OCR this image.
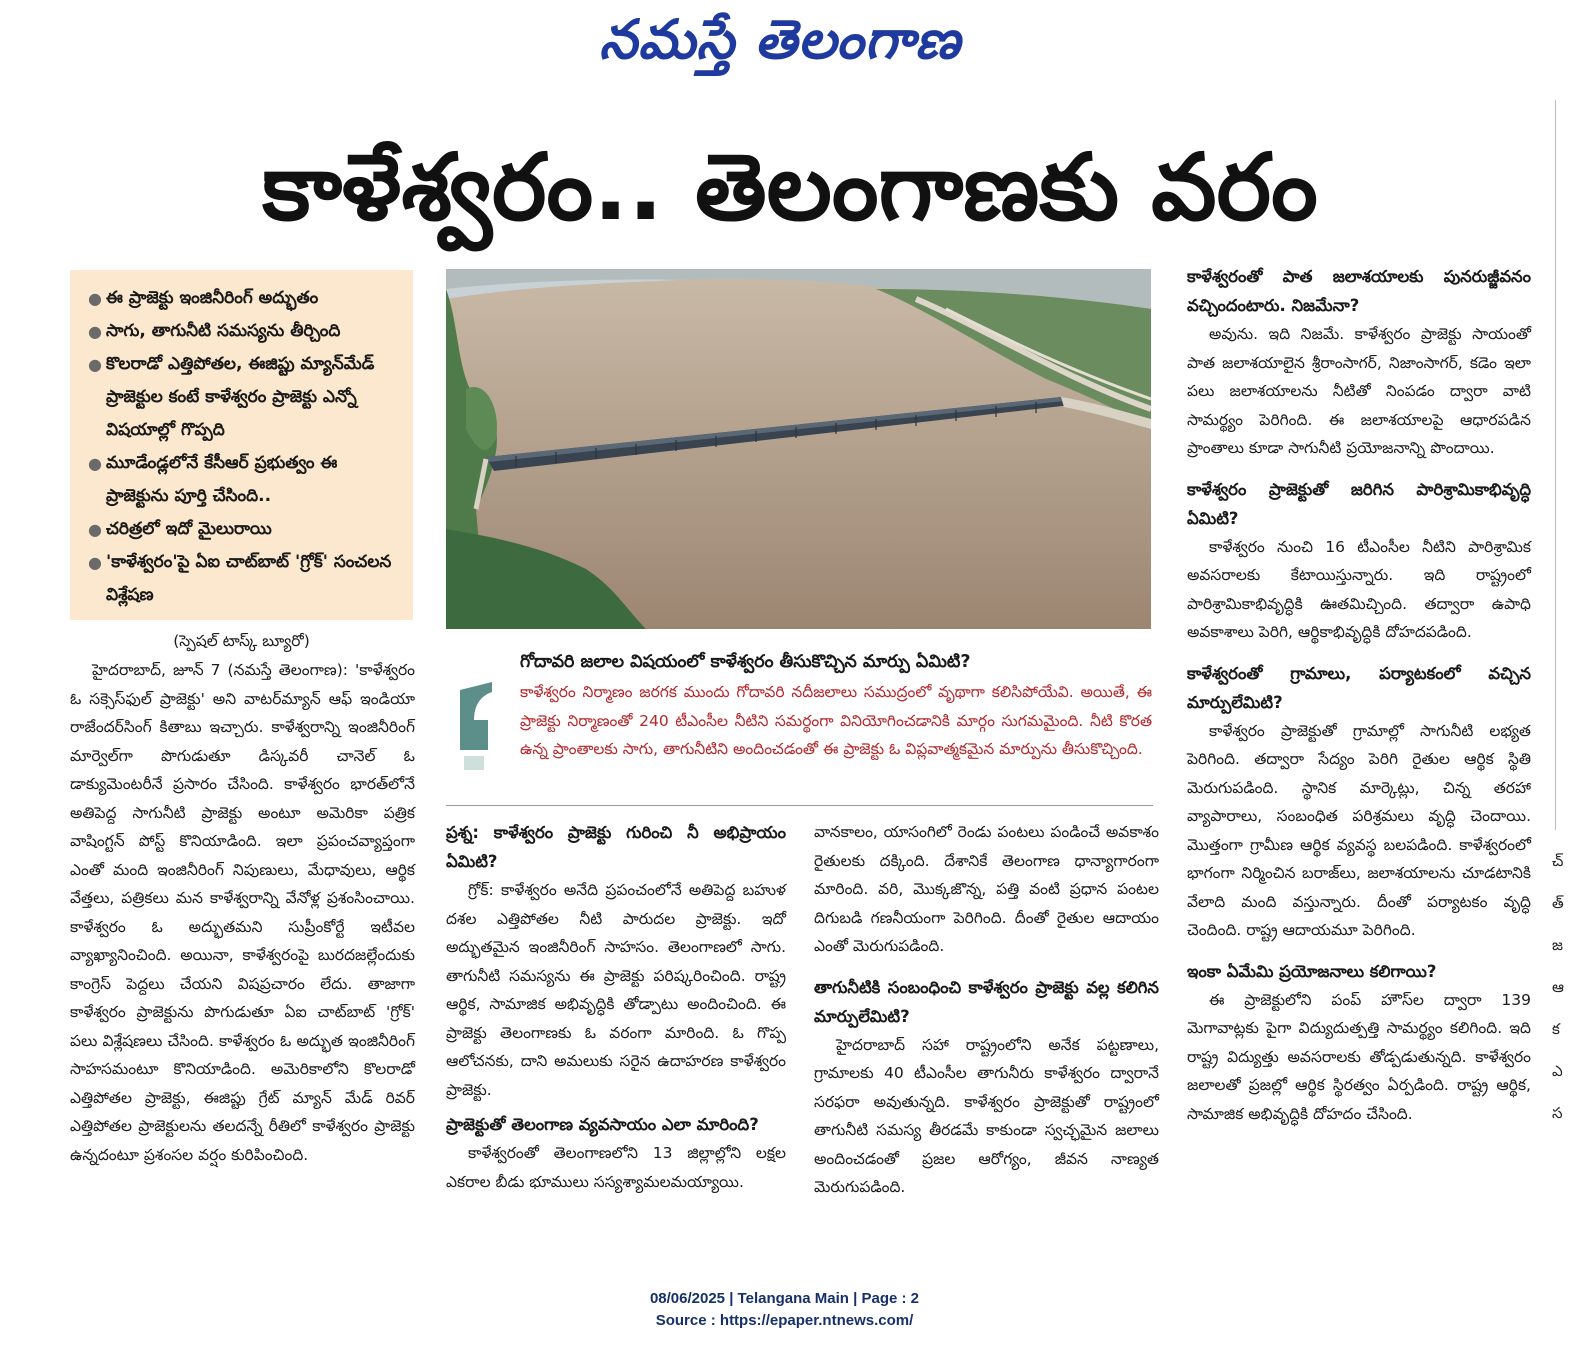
నమస్తే తెలంగాణ
కాళేశ్వరం.. తెలంగాణకు వరం
● ఈ ప్రాజెక్టు ఇంజినీరింగ్ అద్భుతం
● సాగు, తాగునీటి సమస్యను తీర్చింది
● కొలరాడో ఎత్తిపోతల, ఈజిప్టు మ్యాన్‌మేడ్ ప్రాజెక్టుల కంటే కాళేశ్వరం ప్రాజెక్టు ఎన్నో విషయాల్లో గొప్పది
● మూడేండ్లలోనే కేసీఆర్ ప్రభుత్వం ఈ ప్రాజెక్టును పూర్తి చేసింది..
● చరిత్రలో ఇదో మైలురాయి
● 'కాళేశ్వరం'పై ఏఐ చాట్‌బాట్ 'గ్రోక్' సంచలన విశ్లేషణ
(స్పెషల్ టాస్క్ బ్యూరో)

హైదరాబాద్, జూన్ 7 (నమస్తే తెలంగాణ): 'కాళేశ్వరం ఓ సక్సెస్‌ఫుల్ ప్రాజెక్టు' అని వాటర్‌మ్యాన్ ఆఫ్ ఇండియా రాజేందర్‌సింగ్ కితాబు ఇచ్చారు. కాళేశ్వరాన్ని ఇంజినీరింగ్ మార్వెల్‌గా పొగుడుతూ డిస్కవరీ చానెల్ ఓ డాక్యుమెంటరీనే ప్రసారం చేసింది. కాళేశ్వరం భారత్‌లోనే అతిపెద్ద సాగునీటి ప్రాజెక్టు అంటూ అమెరికా పత్రిక వాషింగ్టన్ పోస్ట్ కొనియాడింది. ఇలా ప్రపంచవ్యాప్తంగా ఎంతో మంది ఇంజినీరింగ్ నిపుణులు, మేధావులు, ఆర్థిక వేత్తలు, పత్రికలు మన కాళేశ్వరాన్ని వేనోళ్ల ప్రశంసించాయి. కాళేశ్వరం ఓ అద్భుతమని సుప్రీంకోర్టే ఇటీవల వ్యాఖ్యానించింది. అయినా, కాళేశ్వరంపై బురదజల్లేందుకు కాంగ్రెస్ పెద్దలు చేయని విషప్రచారం లేదు. తాజాగా కాళేశ్వరం ప్రాజెక్టును పొగుడుతూ ఏఐ చాట్‌బాట్ 'గ్రోక్' పలు విశ్లేషణలు చేసింది. కాళేశ్వరం ఓ అద్భుత ఇంజినీరింగ్ సాహసమంటూ కొనియాడింది. అమెరికాలోని కొలరాడో ఎత్తిపోతల ప్రాజెక్టు, ఈజిప్టు గ్రేట్ మ్యాన్ మేడ్ రివర్ ఎత్తిపోతల ప్రాజెక్టులను తలదన్నే రీతిలో కాళేశ్వరం ప్రాజెక్టు ఉన్నదంటూ ప్రశంసల వర్షం కురిపించింది.

గోదావరి జలాల విషయంలో కాళేశ్వరం తీసుకొచ్చిన మార్పు ఏమిటి?
కాళేశ్వరం నిర్మాణం జరగక ముందు గోదావరి నదీజలాలు సముద్రంలో వృథాగా కలిసిపోయేవి. అయితే, ఈ ప్రాజెక్టు నిర్మాణంతో 240 టీఎంసీల నీటిని సమర్థంగా వినియోగించడానికి మార్గం సుగమమైంది. నీటి కొరత ఉన్న ప్రాంతాలకు సాగు, తాగునీటిని అందించడంతో ఈ ప్రాజెక్టు ఓ విప్లవాత్మకమైన మార్పును తీసుకొచ్చింది.
ప్రశ్న: కాళేశ్వరం ప్రాజెక్టు గురించి నీ అభిప్రాయం ఏమిటి?

గ్రోక్: కాళేశ్వరం అనేది ప్రపంచంలోనే అతిపెద్ద బహుళ దశల ఎత్తిపోతల నీటి పారుదల ప్రాజెక్టు. ఇదో అద్భుతమైన ఇంజినీరింగ్ సాహసం. తెలంగాణలో సాగు. తాగునీటి సమస్యను ఈ ప్రాజెక్టు పరిష్కరించింది. రాష్ట్ర ఆర్థిక, సామాజిక అభివృద్ధికి తోడ్పాటు అందించింది. ఈ ప్రాజెక్టు తెలంగాణకు ఓ వరంగా మారింది. ఓ గొప్ప ఆలోచనకు, దాని అమలుకు సరైన ఉదాహరణ కాళేశ్వరం ప్రాజెక్టు.

ప్రాజెక్టుతో తెలంగాణ వ్యవసాయం ఎలా మారింది?

కాళేశ్వరంతో తెలంగాణలోని 13 జిల్లాల్లోని లక్షల ఎకరాల బీడు భూములు సస్యశ్యామలమయ్యాయి.

వానకాలం, యాసంగిలో రెండు పంటలు పండించే అవకాశం రైతులకు దక్కింది. దేశానికే తెలంగాణ ధాన్యాగారంగా మారింది. వరి, మొక్కజొన్న, పత్తి వంటి ప్రధాన పంటల దిగుబడి గణనీయంగా పెరిగింది. దీంతో రైతుల ఆదాయం ఎంతో మెరుగుపడింది.

తాగునీటికి సంబంధించి కాళేశ్వరం ప్రాజెక్టు వల్ల కలిగిన మార్పులేమిటి?

హైదరాబాద్ సహా రాష్ట్రంలోని అనేక పట్టణాలు, గ్రామాలకు 40 టీఎంసీల తాగునీరు కాళేశ్వరం ద్వారానే సరఫరా అవుతున్నది. కాళేశ్వరం ప్రాజెక్టుతో రాష్ట్రంలో తాగునీటి సమస్య తీరడమే కాకుండా స్వచ్ఛమైన జలాలు అందించడంతో ప్రజల ఆరోగ్యం, జీవన నాణ్యత మెరుగుపడింది.

కాళేశ్వరంతో పాత జలాశయాలకు పునరుజ్జీవనం వచ్చిందంటారు. నిజమేనా?

అవును. ఇది నిజమే. కాళేశ్వరం ప్రాజెక్టు సాయంతో పాత జలాశయాలైన శ్రీరాంసాగర్, నిజాంసాగర్, కడెం ఇలా పలు జలాశయాలను నీటితో నింపడం ద్వారా వాటి సామర్థ్యం పెరిగింది. ఈ జలాశయాలపై ఆధారపడిన ప్రాంతాలు కూడా సాగునీటి ప్రయోజనాన్ని పొందాయి.

కాళేశ్వరం ప్రాజెక్టుతో జరిగిన పారిశ్రామికాభివృద్ధి ఏమిటి?

కాళేశ్వరం నుంచి 16 టీఎంసీల నీటిని పారిశ్రామిక అవసరాలకు కేటాయిస్తున్నారు. ఇది రాష్ట్రంలో పారిశ్రామికాభివృద్ధికి ఊతమిచ్చింది. తద్వారా ఉపాధి అవకాశాలు పెరిగి, ఆర్థికాభివృద్ధికి దోహదపడింది.

కాళేశ్వరంతో గ్రామాలు, పర్యాటకంలో వచ్చిన మార్పులేమిటి?

కాళేశ్వరం ప్రాజెక్టుతో గ్రామాల్లో సాగునీటి లభ్యత పెరిగింది. తద్వారా సేద్యం పెరిగి రైతుల ఆర్థిక స్థితి మెరుగుపడింది. స్థానిక మార్కెట్లు, చిన్న తరహా వ్యాపారాలు, సంబంధిత పరిశ్రమలు వృద్ధి చెందాయి. మొత్తంగా గ్రామీణ ఆర్థిక వ్యవస్థ బలపడింది. కాళేశ్వరంలో భాగంగా నిర్మించిన బరాజ్‌లు, జలాశయాలను చూడటానికి వేలాది మంది వస్తున్నారు. దీంతో పర్యాటకం వృద్ధి చెందింది. రాష్ట్ర ఆదాయమూ పెరిగింది.

ఇంకా ఏమేమి ప్రయోజనాలు కలిగాయి?

ఈ ప్రాజెక్టులోని పంప్ హౌస్‌ల ద్వారా 139 మెగావాట్లకు పైగా విద్యుదుత్పత్తి సామర్థ్యం కలిగింది. ఇది రాష్ట్ర విద్యుత్తు అవసరాలకు తోడ్పడుతున్నది. కాళేశ్వరం జలాలతో ప్రజల్లో ఆర్థిక స్థిరత్వం ఏర్పడింది. రాష్ట్ర ఆర్థిక, సామాజిక అభివృద్ధికి దోహదం చేసింది.

చ్
త్
జ
ఆ
క
ఎ
స
08/06/2025 | Telangana Main | Page : 2
Source : https://epaper.ntnews.com/
